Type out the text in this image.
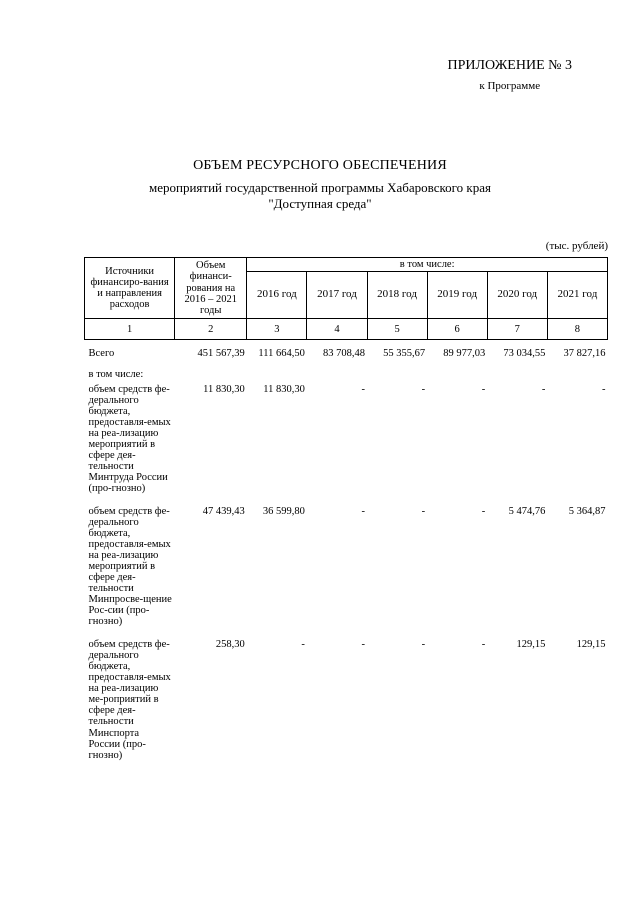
ПРИЛОЖЕНИЕ № 3
к Программе
ОБЪЕМ РЕСУРСНОГО ОБЕСПЕЧЕНИЯ
мероприятий государственной программы Хабаровского края
"Доступная среда"
(тыс. рублей)
Источники финансиро-вания и направления расходов	Объем финанси-рования на 2016 – 2021 годы	в том числе:					
		2016 год	2017 год	2018 год	2019 год	2020 год	2021 год
1	2	3	4	5	6	7	8
Всего	451 567,39	111 664,50	83 708,48	55 355,67	89 977,03	73 034,55	37 827,16
в том числе:							
объем средств фе-дерального бюджета, предоставля-емых на реа-лизацию мероприятий в сфере дея-тельности Минтруда России (про-гнозно)	11 830,30	11 830,30	-	-	-	-	-
объем средств фе-дерального бюджета, предоставля-емых на реа-лизацию мероприятий в сфере дея-тельности Минпросве-щение Рос-сии (про-гнозно)	47 439,43	36 599,80	-	-	-	5 474,76	5 364,87
объем средств фе-дерального бюджета, предоставля-емых на реа-лизацию ме-роприятий в сфере дея-тельности Минспорта России (про-гнозно)	258,30	-	-	-	-	129,15	129,15
